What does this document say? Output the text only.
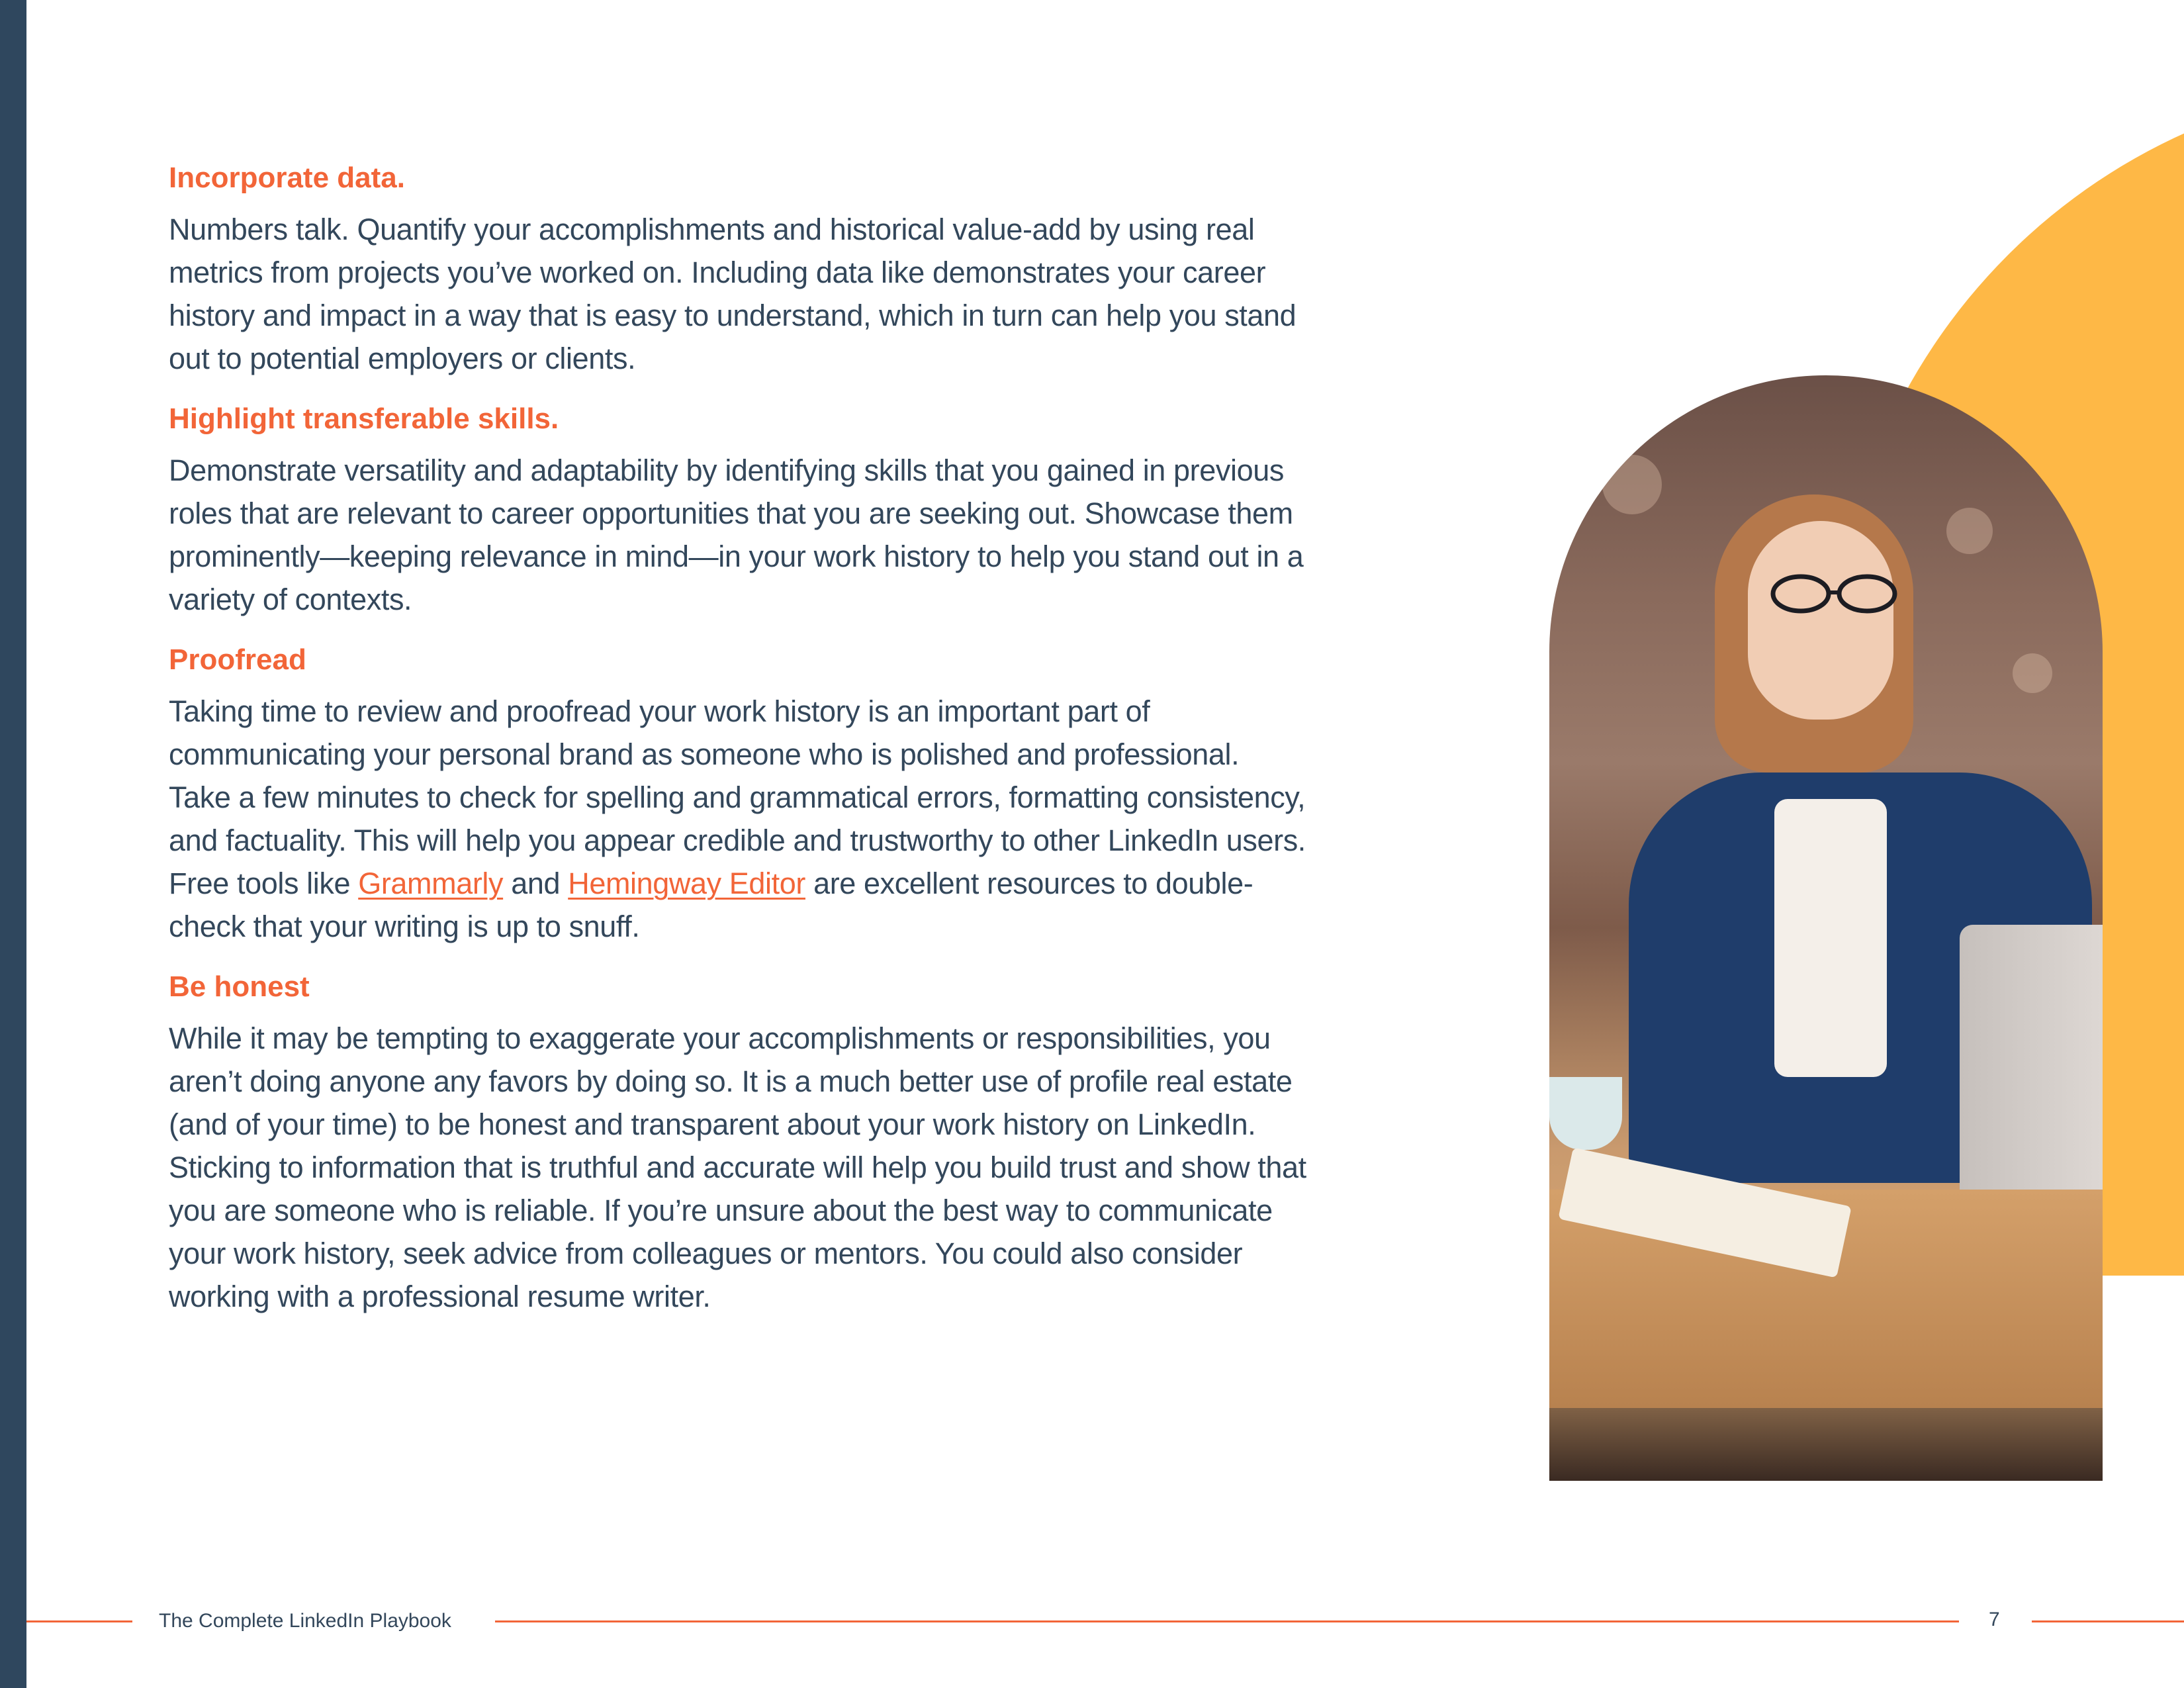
Incorporate data.

Numbers talk. Quantify your accomplishments and historical value-add by using real metrics from projects you’ve worked on. Including data like demonstrates your career history and impact in a way that is easy to understand, which in turn can help you stand out to potential employers or clients.

Highlight transferable skills.

Demonstrate versatility and adaptability by identifying skills that you gained in previous roles that are relevant to career opportunities that you are seeking out. Showcase them prominently—keeping relevance in mind—in your work history to help you stand out in a variety of contexts.

Proofread

Taking time to review and proofread your work history is an important part of communicating your personal brand as someone who is polished and professional. Take a few minutes to check for spelling and grammatical errors, formatting consistency, and factuality. This will help you appear credible and trustworthy to other LinkedIn users. Free tools like Grammarly and Hemingway Editor are excellent resources to double-check that your writing is up to snuff.

Be honest

While it may be tempting to exaggerate your accomplishments or responsibilities, you aren’t doing anyone any favors by doing so. It is a much better use of profile real estate (and of your time) to be honest and transparent about your work history on LinkedIn. Sticking to information that is truthful and accurate will help you build trust and show that you are someone who is reliable. If you’re unsure about the best way to communicate your work history, seek advice from colleagues or mentors. You could also consider working with a professional resume writer.

The Complete LinkedIn Playbook	7
